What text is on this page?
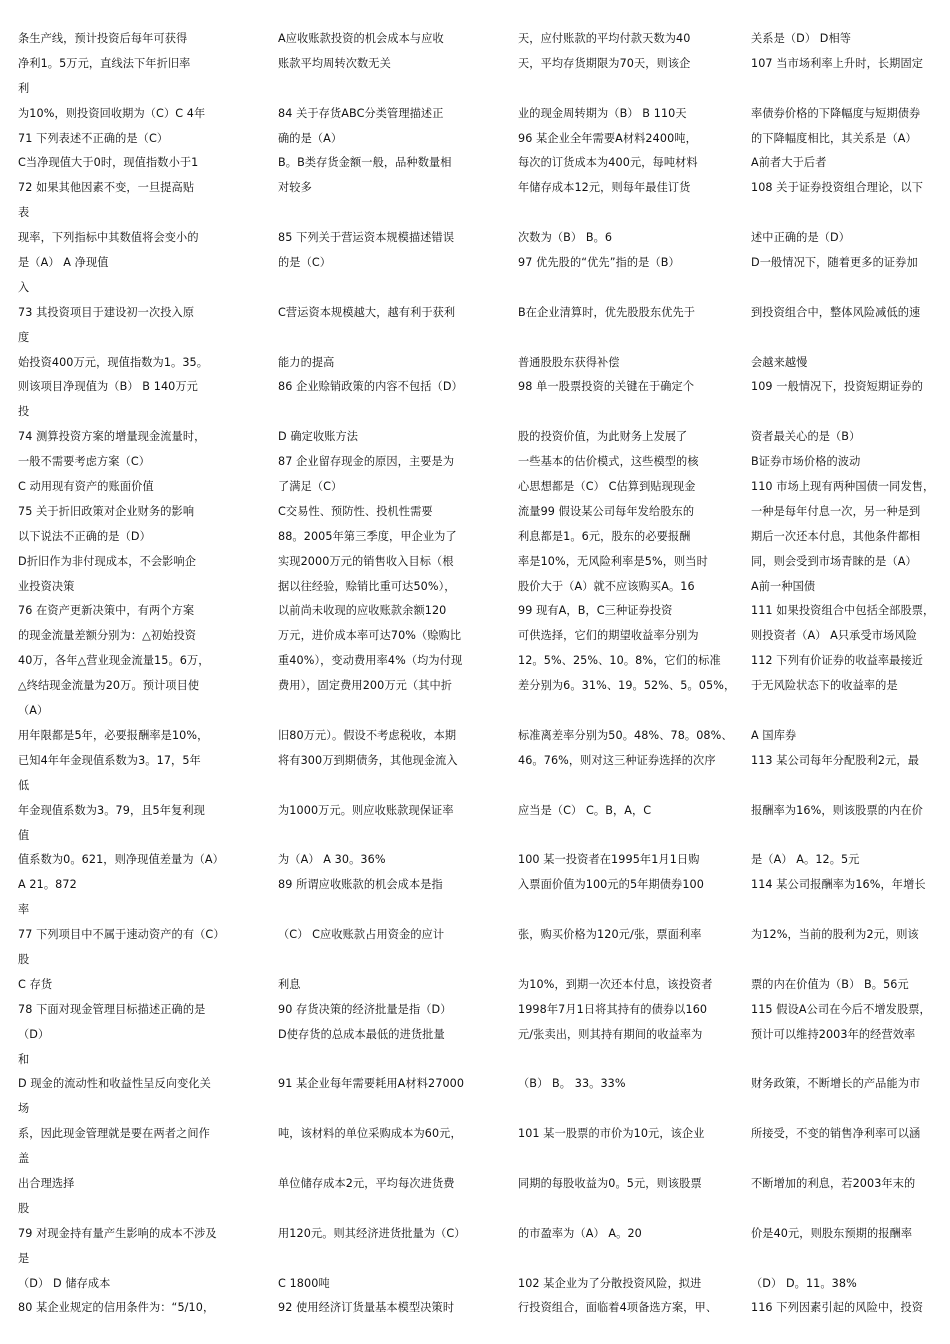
条生产线，预计投资后每年可获得
净利1。5万元，直线法下年折旧率
利
为10%，则投资回收期为（C）C 4年
71 下列表述不正确的是（C）
C当净现值大于0时，现值指数小于1
72 如果其他因素不变，一旦提高贴
表
现率，下列指标中其数值将会变小的
是（A） A 净现值
入
73 其投资项目于建设初一次投入原
度
始投资400万元，现值指数为1。35。
则该项目净现值为（B） B 140万元
投
74 测算投资方案的增量现金流量时，
一般不需要考虑方案（C）
C 动用现有资产的账面价值
75 关于折旧政策对企业财务的影响
以下说法不正确的是（D）
D折旧作为非付现成本，不会影响企
业投资决策
76 在资产更新决策中，有两个方案
的现金流量差额分别为：△初始投资
40万，各年△营业现金流量15。6万，
△终结现金流量为20万。预计项目使
（A）
用年限都是5年，必要报酬率是10%，
已知4年年金现值系数为3。17，5年
低
年金现值系数为3。79，且5年复利现
值
值系数为0。621，则净现值差量为（A）
A 21。872
率
77 下列项目中不属于速动资产的有（C）
股
C 存货
78 下面对现金管理目标描述正确的是
（D）
和
D 现金的流动性和收益性呈反向变化关
场
系，因此现金管理就是要在两者之间作
盖
出合理选择
股
79 对现金持有量产生影响的成本不涉及
是
（D） D 储存成本
80 某企业规定的信用条件为：“5/10，
A应收账款投资的机会成本与应收
账款平均周转次数无关
84 关于存货ABC分类管理描述正
确的是（A）
B。B类存货金额一般，品种数量相
对较多
85 下列关于营运资本规模描述错误
的是（C）
C营运资本规模越大，越有利于获利
能力的提高
86 企业赊销政策的内容不包括（D）
D 确定收账方法
87 企业留存现金的原因，主要是为
了满足（C）
C交易性、预防性、投机性需要
88。2005年第三季度，甲企业为了
实现2000万元的销售收入目标（根
据以往经验，赊销比重可达50%），
以前尚未收现的应收账款余额120
万元，进价成本率可达70%（赊购比
重40%），变动费用率4%（均为付现
费用），固定费用200万元（其中折
旧80万元）。假设不考虑税收，本期
将有300万到期债务，其他现金流入
为1000万元。则应收账款现保证率
为（A） A 30。36%
89 所谓应收账款的机会成本是指
（C） C应收账款占用资金的应计
利息
90 存货决策的经济批量是指（D）
D使存货的总成本最低的进货批量
91 某企业每年需要耗用A材料27000
吨，该材料的单位采购成本为60元，
单位储存成本2元，平均每次进货费
用120元。则其经济进货批量为（C）
C 1800吨
92 使用经济订货量基本模型决策时
天，应付账款的平均付款天数为40
天，平均存货期限为70天，则该企
业的现金周转期为（B） B 110天
96 某企业全年需要A材料2400吨，
每次的订货成本为400元，每吨材料
年储存成本12元，则每年最佳订货
次数为（B） B。6
97 优先股的“优先”指的是（B）
B在企业清算时，优先股股东优先于
普通股股东获得补偿
98 单一股票投资的关键在于确定个
股的投资价值，为此财务上发展了
一些基本的估价模式，这些模型的核
心思想都是（C） C估算到贴现现金
流量99 假设某公司每年发给股东的
利息都是1。6元，股东的必要报酬
率是10%，无风险利率是5%，则当时
股价大于（A）就不应该购买A。16
99 现有A，B，C三种证券投资
可供选择，它们的期望收益率分别为
12。5%、25%、10。8%，它们的标准
差分别为6。31%、19。52%、5。05%，
标准离差率分别为50。48%、78。08%、
46。76%，则对这三种证券选择的次序
应当是（C） C。B，A，C
100 某一投资者在1995年1月1日购
入票面价值为100元的5年期债券100
张，购买价格为120元/张，票面利率
为10%，到期一次还本付息，该投资者
1998年7月1日将其持有的债券以160
元/张卖出，则其持有期间的收益率为
（B） B。 33。33%
101 某一股票的市价为10元，该企业
同期的每股收益为0。5元，则该股票
的市盈率为（A） A。20
102 某企业为了分散投资风险，拟进
行投资组合，面临着4项备选方案，甲、
关系是（D） D相等
107 当市场利率上升时，长期固定
率债券价格的下降幅度与短期债券
的下降幅度相比，其关系是（A）
A前者大于后者
108 关于证券投资组合理论，以下
述中正确的是（D）
D一般情况下，随着更多的证券加
到投资组合中，整体风险减低的速
会越来越慢
109 一般情况下，投资短期证券的
资者最关心的是（B）
B证券市场价格的波动
110 市场上现有两种国债一同发售，
一种是每年付息一次，另一种是到
期后一次还本付息，其他条件都相
同，则会受到市场青睐的是（A）
A前一种国债
111 如果投资组合中包括全部股票，
则投资者（A） A只承受市场风险
112 下列有价证券的收益率最接近
于无风险状态下的收益率的是
A 国库券
113 某公司每年分配股利2元，最
报酬率为16%，则该股票的内在价
是（A） A。12。5元
114 某公司报酬率为16%，年增长
为12%，当前的股利为2元，则该
票的内在价值为（B） B。56元
115 假设A公司在今后不增发股票，
预计可以维持2003年的经营效率
财务政策，不断增长的产品能为市
所接受，不变的销售净利率可以涵
不断增加的利息，若2003年末的
价是40元，则股东预期的报酬率
（D） D。11。38%
116 下列因素引起的风险中，投资
